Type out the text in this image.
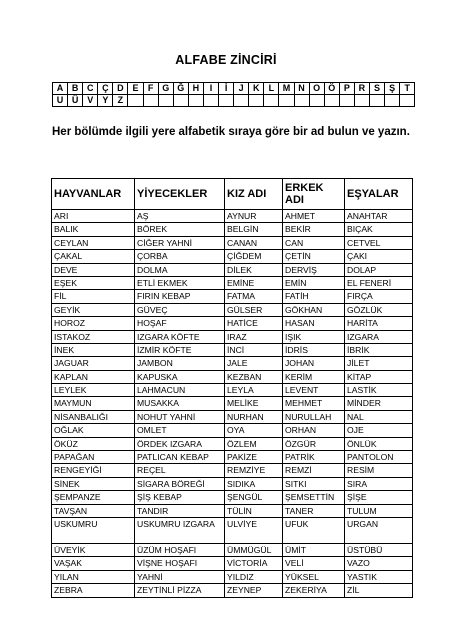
ALFABE ZİNCİRİ
A	B	C	Ç	D	E	F	G	Ğ	H	I	İ	J	K	L	M	N	O	Ö	P	R	S	Ş	T
U	Ü	V	Y	Z																			
Her bölümde ilgili yere alfabetik sıraya göre bir ad bulun ve yazın.
HAYVANLAR	YİYECEKLER	KIZ ADI	ERKEK ADI	EŞYALAR
ARI	AŞ	AYNUR	AHMET	ANAHTAR
BALIK	BÖREK	BELGİN	BEKİR	BIÇAK
CEYLAN	CİĞER YAHNİ	CANAN	CAN	CETVEL
ÇAKAL	ÇORBA	ÇİĞDEM	ÇETİN	ÇAKI
DEVE	DOLMA	DİLEK	DERVİŞ	DOLAP
EŞEK	ETLİ EKMEK	EMİNE	EMİN	EL FENERİ
FİL	FIRIN KEBAP	FATMA	FATİH	FIRÇA
GEYİK	GÜVEÇ	GÜLSER	GÖKHAN	GÖZLÜK
HOROZ	HOŞAF	HATİCE	HASAN	HARİTA
ISTAKOZ	IZGARA KÖFTE	IRAZ	IŞIK	IZGARA
İNEK	İZMİR KÖFTE	İNCİ	İDRİS	İBRİK
JAGUAR	JAMBON	JALE	JOHAN	JİLET
KAPLAN	KAPUSKA	KEZBAN	KERİM	KİTAP
LEYLEK	LAHMACUN	LEYLA	LEVENT	LASTİK
MAYMUN	MUSAKKA	MELİKE	MEHMET	MİNDER
NİSANBALIĞI	NOHUT YAHNİ	NURHAN	NURULLAH	NAL
OĞLAK	OMLET	OYA	ORHAN	OJE
ÖKÜZ	ÖRDEK IZGARA	ÖZLEM	ÖZGÜR	ÖNLÜK
PAPAĞAN	PATLICAN KEBAP	PAKİZE	PATRİK	PANTOLON
RENGEYİĞİ	REÇEL	REMZİYE	REMZİ	RESİM
SİNEK	SİGARA BÖREĞİ	SIDIKA	SITKI	SIRA
ŞEMPANZE	ŞİŞ KEBAP	ŞENGÜL	ŞEMSETTİN	ŞİŞE
TAVŞAN	TANDIR	TÜLİN	TANER	TULUM
USKUMRU	USKUMRU IZGARA	ULVİYE	UFUK	URGAN
ÜVEYİK	ÜZÜM HOŞAFI	ÜMMÜGÜL	ÜMİT	ÜSTÜBÜ
VAŞAK	VİŞNE HOŞAFI	VİCTORİA	VELİ	VAZO
YILAN	YAHNİ	YILDIZ	YÜKSEL	YASTIK
ZEBRA	ZEYTİNLİ PİZZA	ZEYNEP	ZEKERİYA	ZİL
